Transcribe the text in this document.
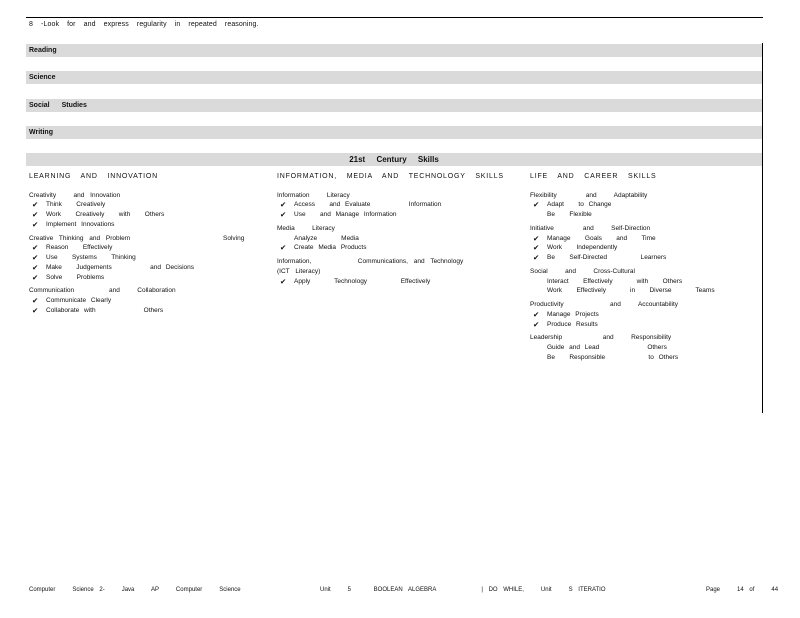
8 -Look for and express regularity in repeated reasoning.
Reading
Science
Social Studies
Writing
21st Century Skills
LEARNING AND INNOVATION
Creativity   and Innovation
✔ Think   Creatively
✔ Work   Creatively   with   Others
✔ Implement Innovations
Creative Thinking and Problem                Solving
✔ Reason   Effectively
✔ Use   Systems   Thinking
✔ Make   Judgements        and Decisions
✔ Solve   Problems
Communication      and   Collaboration
✔ Communicate Clearly
✔ Collaborate with          Others
INFORMATION, MEDIA AND TECHNOLOGY SKILLS
Information   Literacy
✔ Access   and Evaluate        Information
✔ Use   and Manage Information
Media   Literacy
Analyze     Media
✔ Create Media Products
Information,        Communications, and Technology
(ICT Literacy)
✔ Apply     Technology       Effectively
LIFE AND CAREER SKILLS
Flexibility     and   Adaptability
✔ Adapt   to Change
Be   Flexible
Initiative     and   Self-Direction
✔ Manage   Goals   and   Time
✔ Work   Independently
✔ Be   Self-Directed       Learners
Social   and   Cross-Cultural
Interact   Effectively     with   Others
Work   Effectively     in   Diverse     Teams
Productivity        and   Accountability
✔ Manage Projects
✔ Produce Results
Leadership       and   Responsibility
Guide and Lead          Others
Be   Responsible         to Others
Computer   Science 2-   Java   AP   Computer   Science	Unit   5    BOOLEAN ALGEBRA        | DO WHILE,   Unit   S ITERATIO	Page   14 of   44
